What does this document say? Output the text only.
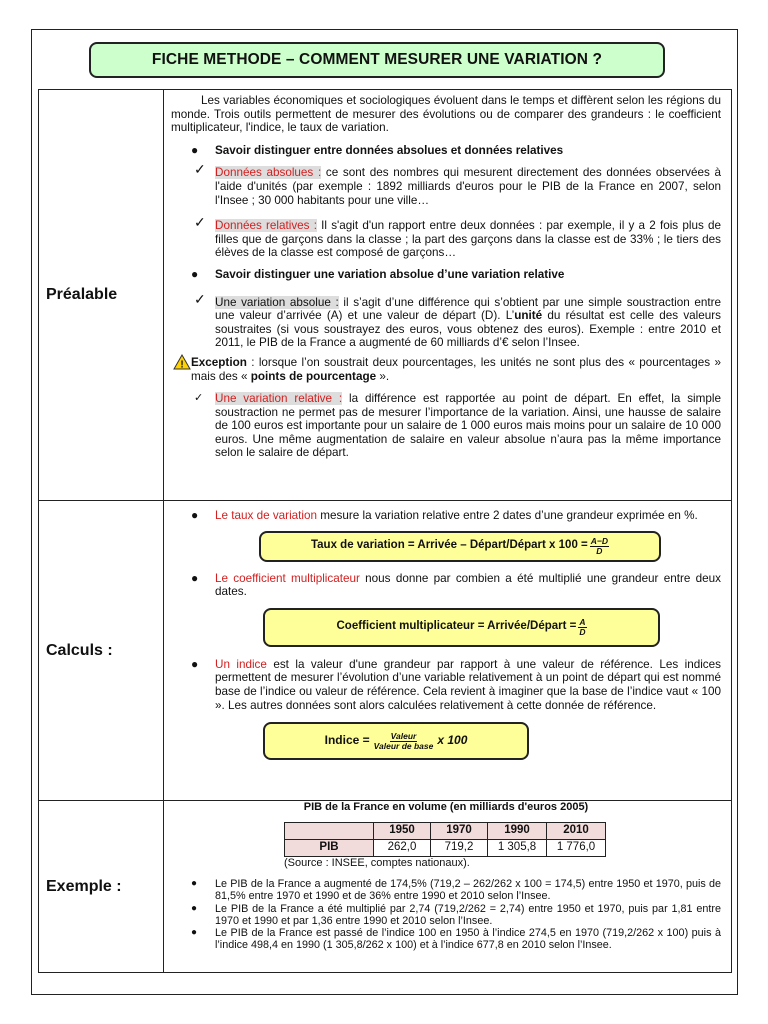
FICHE METHODE – COMMENT MESURER UNE VARIATION ?
Préalable	

Les variables économiques et sociologiques évoluent dans le temps et diffèrent selon les régions du monde. Trois outils permettent de mesurer des évolutions ou de comparer des grandeurs : le coefficient multiplicateur, l'indice, le taux de variation.

● Savoir distinguer entre données absolues et données relatives
✓ Données absolues : ce sont des nombres qui mesurent directement des données observées à l'aide d'unités (par exemple : 1892 milliards d'euros pour le PIB de la France en 2007, selon l'Insee ; 30 000 habitants pour une ville…
✓ Données relatives : Il s'agit d'un rapport entre deux données : par exemple, il y a 2 fois plus de filles que de garçons dans la classe ; la part des garçons dans la classe est de 33% ; le tiers des élèves de la classe est composé de garçons…
● Savoir distinguer une variation absolue d’une variation relative
✓ Une variation absolue : il s’agit d’une différence qui s’obtient par une simple soustraction entre une valeur d’arrivée (A) et une valeur de départ (D). L’unité du résultat est celle des valeurs soustraites (si vous soustrayez des euros, vous obtenez des euros). Exemple : entre 2010 et 2011, le PIB de la France a augmenté de 60 milliards d’€ selon l’Insee.
! Exception : lorsque l’on soustrait deux pourcentages, les unités ne sont plus des « pourcentages » mais des « points de pourcentage ».
✓ Une variation relative : la différence est rapportée au point de départ. En effet, la simple soustraction ne permet pas de mesurer l’importance de la variation. Ainsi, une hausse de salaire de 100 euros est importante pour un salaire de 1 000 euros mais moins pour un salaire de 10 000 euros. Une même augmentation de salaire en valeur absolue n’aura pas la même importance selon le salaire de départ.

Calculs :	
● Le taux de variation mesure la variation relative entre 2 dates d’une grandeur exprimée en %.
Taux de variation = Arrivée – Départ/Départ x $100 = \frac{A-D}{D}$
● Le coefficient multiplicateur nous donne par combien a été multiplié une grandeur entre deux dates.
Coefficient multiplicateur = Arrivée/Départ = $\frac{A}{D}$
● Un indice est la valeur d'une grandeur par rapport à une valeur de référence. Les indices permettent de mesurer l’évolution d’une variable relativement à un point de départ qui est nommé base de l’indice ou valeur de référence. Cela revient à imaginer que la base de l’indice vaut « 100 ». Les autres données sont alors calculées relativement à cette donnée de référence.
Indice = $\frac{\text{Valeur}}{\text{Valeur de base}}$ x 100

Exemple :	
PIB de la France en volume (en milliards d'euros 2005)
	1950	1970	1990	2010
PIB	262,0	719,2	1 305,8	1 776,0
(Source : INSEE, comptes nationaux).
● Le PIB de la France a augmenté de 174,5% (719,2 – 262/262 x 100 = 174,5) entre 1950 et 1970, puis de 81,5% entre 1970 et 1990 et de 36% entre 1990 et 2010 selon l’Insee.
● Le PIB de la France a été multiplié par 2,74 (719,2/262 = 2,74) entre 1950 et 1970, puis par 1,81 entre 1970 et 1990 et par 1,36 entre 1990 et 2010 selon l’Insee.
● Le PIB de la France est passé de l’indice 100 en 1950 à l’indice 274,5 en 1970 (719,2/262 x 100) puis à l’indice 498,4 en 1990 (1 305,8/262 x 100) et à l’indice 677,8 en 2010 selon l’Insee.
